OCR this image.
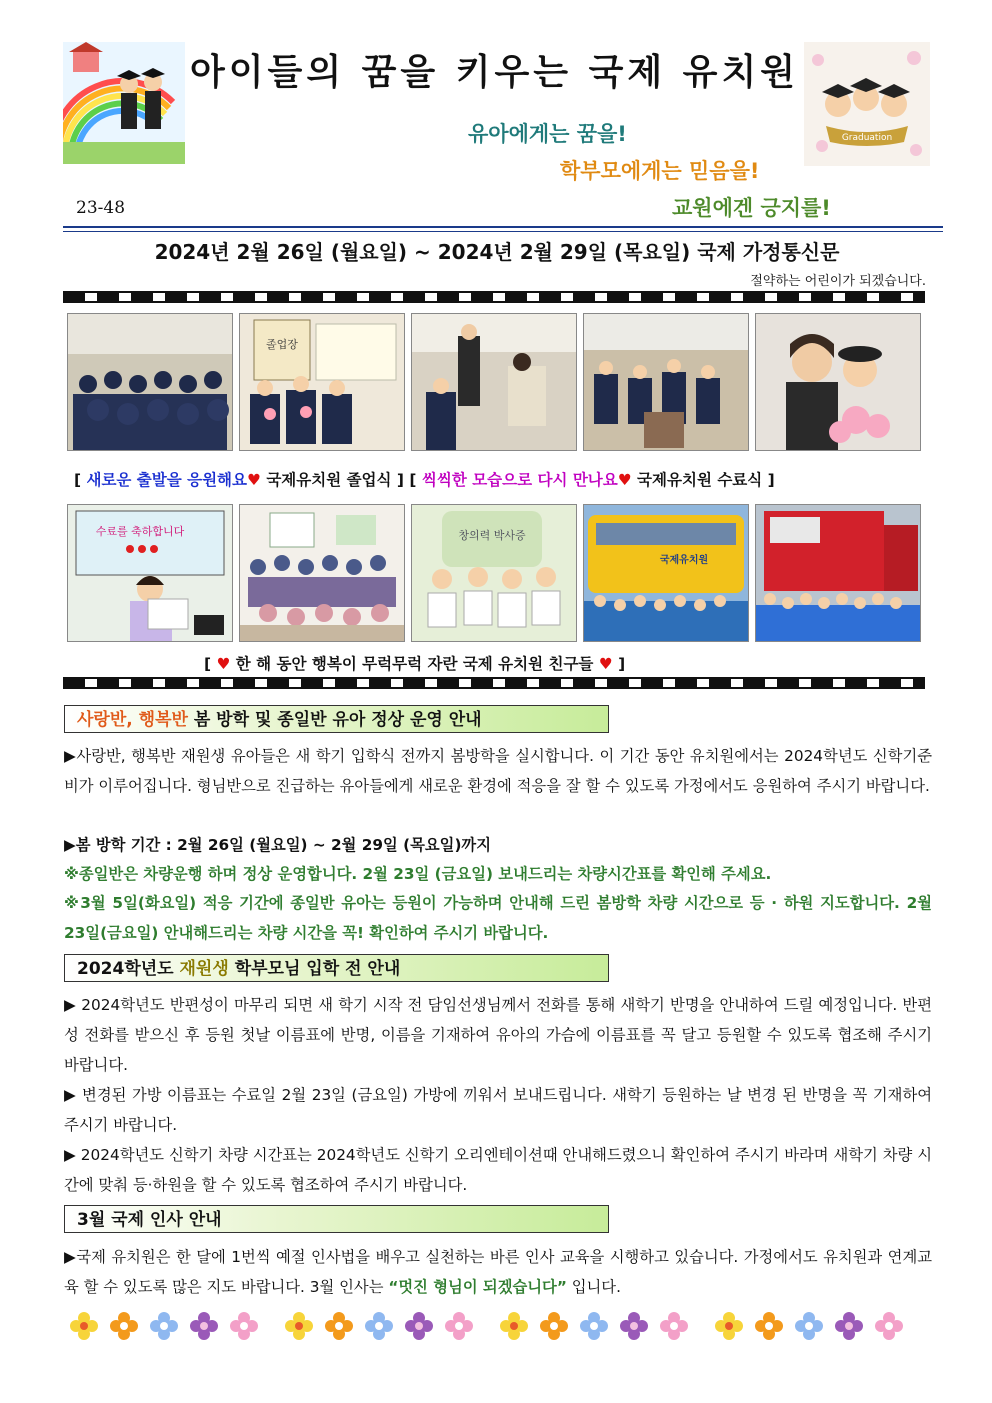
아이들의 꿈을 키우는 국제 유치원
Graduation
유아에게는 꿈을!
학부모에게는 믿음을!
교원에겐 긍지를!
23-48
2024년 2월 26일 (월요일) ~ 2024년 2월 29일 (목요일) 국제 가정통신문
절약하는 어린이가 되겠습니다.
졸업장
[ 새로운 출발을 응원해요♥ 국제유치원 졸업식 ] [ 씩씩한 모습으로 다시 만나요♥ 국제유치원 수료식 ]
수료를 축하합니다	창의력 박사증
국제유치원
[ ♥ 한 해 동안 행복이 무럭무럭 자란 국제 유치원 친구들 ♥ ]
사랑반, 행복반 봄 방학 및 종일반 유아 정상 운영 안내
▶사랑반, 행복반 재원생 유아들은 새 학기 입학식 전까지 봄방학을 실시합니다. 이 기간 동안 유치원에서는 2024학년도 신학기준비가 이루어집니다. 형님반으로 진급하는 유아들에게 새로운 환경에 적응을 잘 할 수 있도록 가정에서도 응원하여 주시기 바랍니다.
▶봄 방학 기간 : 2월 26일 (월요일) ~ 2월 29일 (목요일)까지
※종일반은 차량운행 하며 정상 운영합니다. 2월 23일 (금요일) 보내드리는 차량시간표를 확인해 주세요.
※3월 5일(화요일) 적응 기간에 종일반 유아는 등원이 가능하며 안내해 드린 봄방학 차량 시간으로 등 · 하원 지도합니다. 2월 23일(금요일) 안내해드리는 차량 시간을 꼭! 확인하여 주시기 바랍니다.
2024학년도 재원생 학부모님 입학 전 안내
▶ 2024학년도 반편성이 마무리 되면 새 학기 시작 전 담임선생님께서 전화를 통해 새학기 반명을 안내하여 드릴 예정입니다. 반편성 전화를 받으신 후 등원 첫날 이름표에 반명, 이름을 기재하여 유아의 가슴에 이름표를 꼭 달고 등원할 수 있도록 협조해 주시기 바랍니다.
▶ 변경된 가방 이름표는 수료일 2월 23일 (금요일) 가방에 끼워서 보내드립니다. 새학기 등원하는 날 변경 된 반명을 꼭 기재하여 주시기 바랍니다.
▶ 2024학년도 신학기 차량 시간표는 2024학년도 신학기 오리엔테이션때 안내해드렸으니 확인하여 주시기 바라며 새학기 차량 시간에 맞춰 등·하원을 할 수 있도록 협조하여 주시기 바랍니다.
3월 국제 인사 안내
▶국제 유치원은 한 달에 1번씩 예절 인사법을 배우고 실천하는 바른 인사 교육을 시행하고 있습니다. 가정에서도 유치원과 연계교육 할 수 있도록 많은 지도 바랍니다. 3월 인사는 “멋진 형님이 되겠습니다” 입니다.
